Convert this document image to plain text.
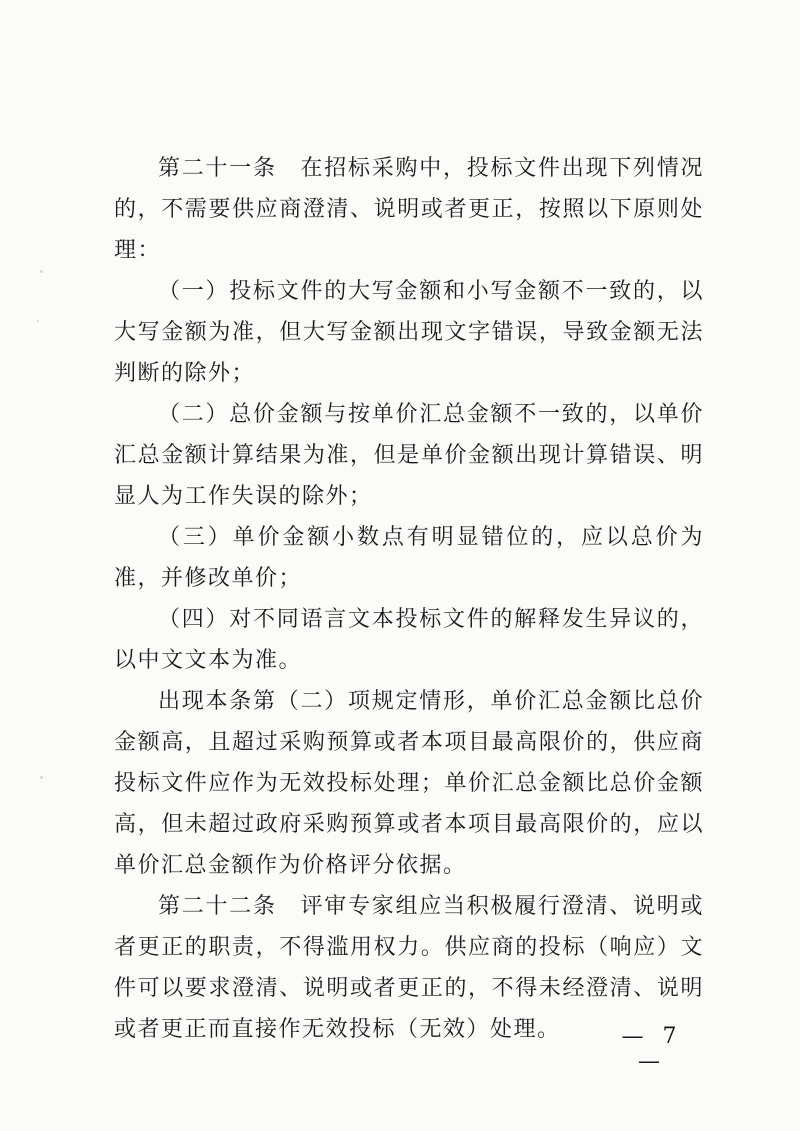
第二十一条　在招标采购中，投标文件出现下列情况的，不需要供应商澄清、说明或者更正，按照以下原则处理：

（一）投标文件的大写金额和小写金额不一致的，以大写金额为准，但大写金额出现文字错误，导致金额无法判断的除外；

（二）总价金额与按单价汇总金额不一致的，以单价汇总金额计算结果为准，但是单价金额出现计算错误、明显人为工作失误的除外；

（三）单价金额小数点有明显错位的，应以总价为准，并修改单价；

（四）对不同语言文本投标文件的解释发生异议的，以中文文本为准。

出现本条第（二）项规定情形，单价汇总金额比总价金额高，且超过采购预算或者本项目最高限价的，供应商投标文件应作为无效投标处理；单价汇总金额比总价金额高，但未超过政府采购预算或者本项目最高限价的，应以单价汇总金额作为价格评分依据。

第二十二条　评审专家组应当积极履行澄清、说明或者更正的职责，不得滥用权力。供应商的投标（响应）文件可以要求澄清、说明或者更正的，不得未经澄清、说明或者更正而直接作无效投标（无效）处理。	— 7 —
